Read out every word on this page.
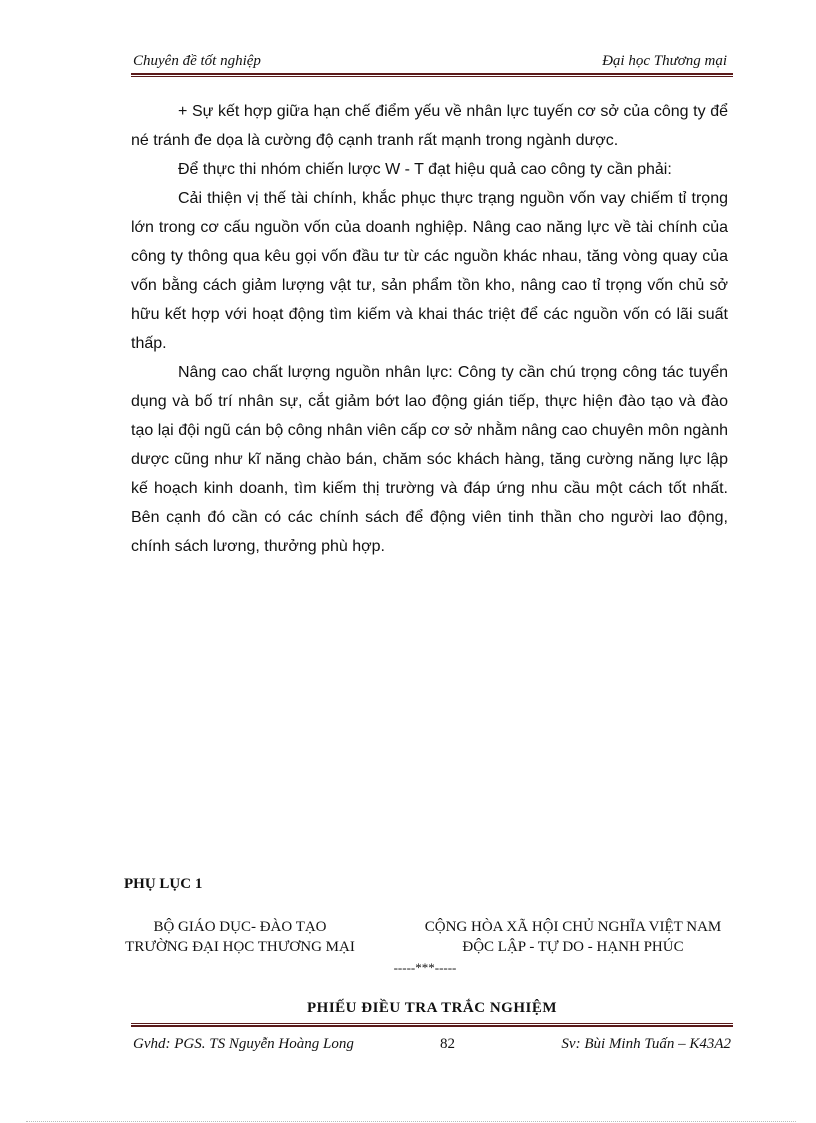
Chuyên đề tốt nghiệp	Đại học Thương mại

+ Sự kết hợp giữa hạn chế điểm yếu về nhân lực tuyến cơ sở của công ty để né tránh đe dọa là cường độ cạnh tranh rất mạnh trong ngành dược.

Để thực thi nhóm chiến lược W - T đạt hiệu quả cao công ty cần phải:

Cải thiện vị thế tài chính, khắc phục thực trạng nguồn vốn vay chiếm tỉ trọng lớn trong cơ cấu nguồn vốn của doanh nghiệp. Nâng cao năng lực về tài chính của công ty thông qua kêu gọi vốn đầu tư từ các nguồn khác nhau, tăng vòng quay của vốn bằng cách giảm lượng vật tư, sản phẩm tồn kho, nâng cao tỉ trọng vốn chủ sở hữu kết hợp với hoạt động tìm kiếm và khai thác triệt để các nguồn vốn có lãi suất thấp.

Nâng cao chất lượng nguồn nhân lực: Công ty cần chú trọng công tác tuyển dụng và bố trí nhân sự, cắt giảm bớt lao động gián tiếp, thực hiện đào tạo và đào tạo lại đội ngũ cán bộ công nhân viên cấp cơ sở nhằm nâng cao chuyên môn ngành dược cũng như kĩ năng chào bán, chăm sóc khách hàng, tăng cường năng lực lập kế hoạch kinh doanh, tìm kiếm thị trường và đáp ứng nhu cầu một cách tốt nhất. Bên cạnh đó cần có các chính sách để động viên tinh thần cho người lao động, chính sách lương, thưởng phù hợp.

PHỤ LỤC 1
BỘ GIÁO DỤC- ĐÀO TẠO
TRƯỜNG ĐẠI HỌC THƯƠNG MẠI
CỘNG HÒA XÃ HỘI CHỦ NGHĨA VIỆT NAM
ĐỘC LẬP - TỰ DO - HẠNH PHÚC
-----***-----
PHIẾU ĐIỀU TRA TRẮC NGHIỆM
Gvhd: PGS. TS Nguyễn Hoàng Long	82	Sv: Bùi Minh Tuấn – K43A2
